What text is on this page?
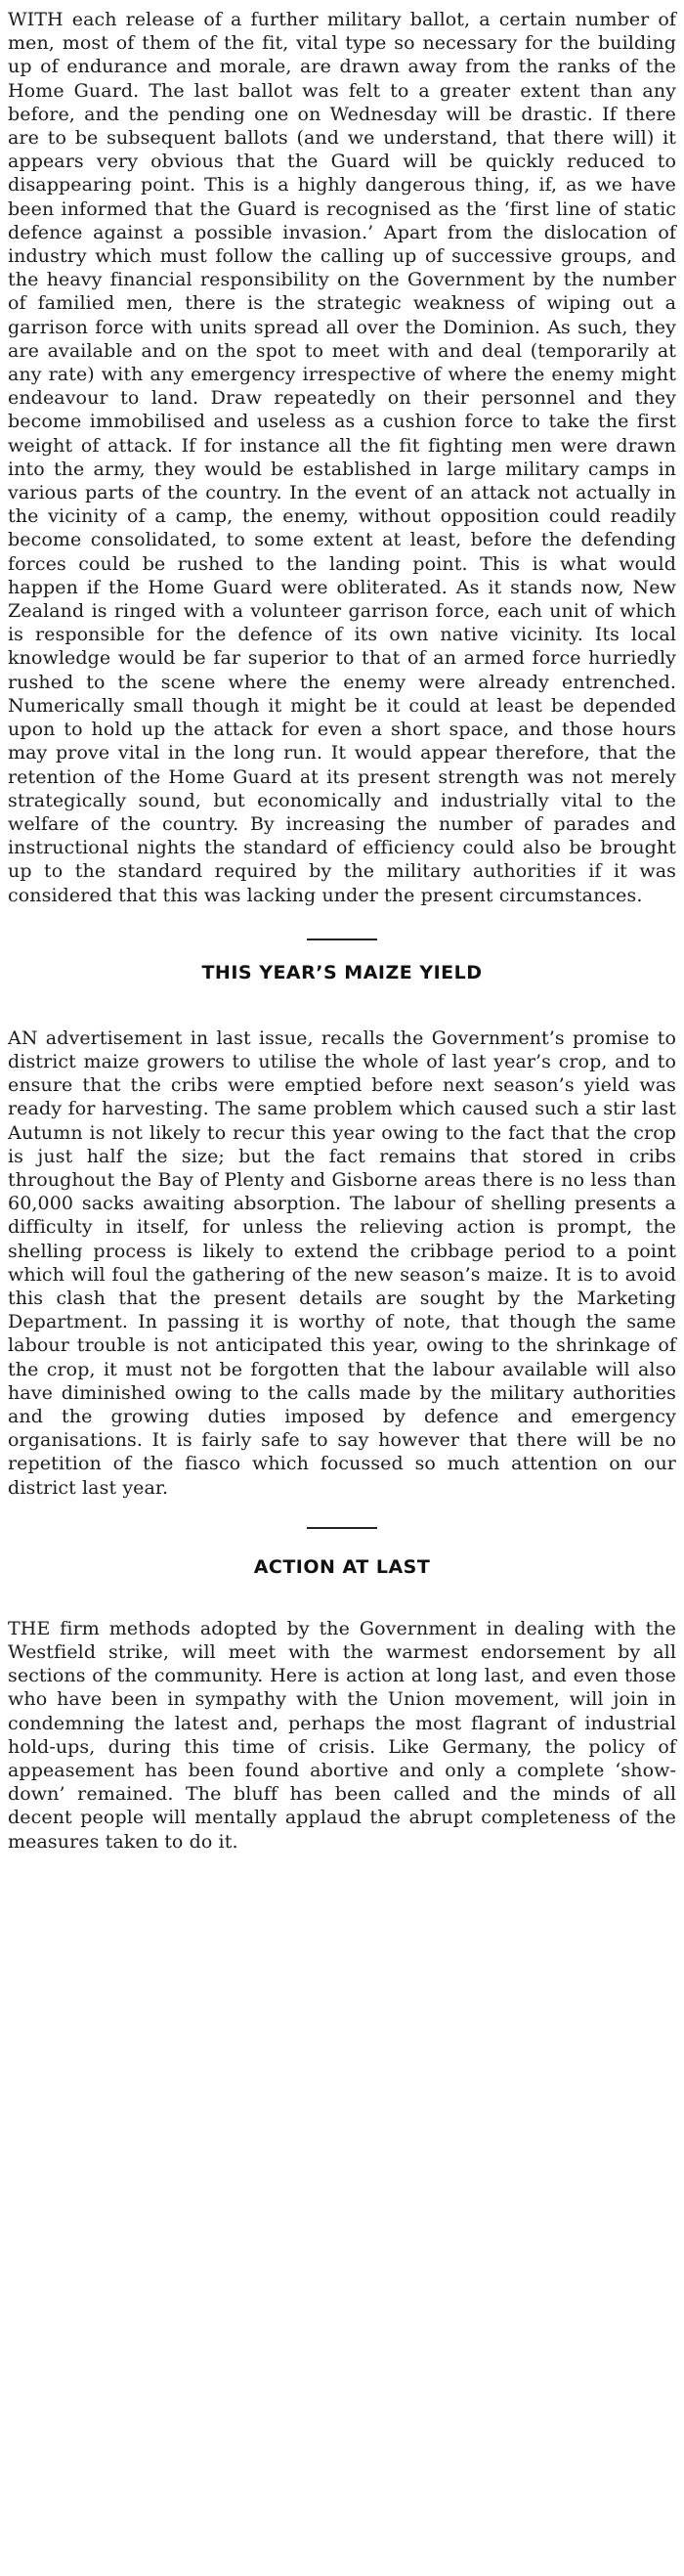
WITH each release of a further military ballot, a certain number of men, most of them of the fit, vital type so necessary for the building up of endurance and morale, are drawn away from the ranks of the Home Guard. The last ballot was felt to a greater extent than any before, and the pending one on Wednesday will be drastic. If there are to be subsequent ballots (and we understand, that there will) it appears very obvious that the Guard will be quickly reduced to disappearing point. This is a highly dangerous thing, if, as we have been informed that the Guard is recognised as the ‘first line of static defence against a possible invasion.’ Apart from the dislocation of industry which must follow the calling up of successive groups, and the heavy financial responsibility on the Government by the number of familied men, there is the strategic weakness of wiping out a garrison force with units spread all over the Dominion. As such, they are available and on the spot to meet with and deal (temporarily at any rate) with any emergency irrespective of where the enemy might endeavour to land. Draw repeatedly on their personnel and they become immobilised and useless as a cushion force to take the first weight of attack. If for instance all the fit fighting men were drawn into the army, they would be established in large military camps in various parts of the country. In the event of an attack not actually in the vicinity of a camp, the enemy, without opposition could readily become consolidated, to some extent at least, before the defending forces could be rushed to the landing point. This is what would happen if the Home Guard were obliterated. As it stands now, New Zealand is ringed with a volunteer garrison force, each unit of which is responsible for the defence of its own native vicinity. Its local knowledge would be far superior to that of an armed force hurriedly rushed to the scene where the enemy were already entrenched. Numerically small though it might be it could at least be depended upon to hold up the attack for even a short space, and those hours may prove vital in the long run. It would appear therefore, that the retention of the Home Guard at its present strength was not merely strategically sound, but economically and industrially vital to the welfare of the country. By increasing the number of parades and instructional nights the standard of efficiency could also be brought up to the standard required by the military authorities if it was considered that this was lacking under the present circumstances.

THIS YEAR’S MAIZE YIELD

AN advertisement in last issue, recalls the Government’s promise to district maize growers to utilise the whole of last year’s crop, and to ensure that the cribs were emptied before next season’s yield was ready for harvesting. The same problem which caused such a stir last Autumn is not likely to recur this year owing to the fact that the crop is just half the size; but the fact remains that stored in cribs throughout the Bay of Plenty and Gisborne areas there is no less than 60,000 sacks awaiting absorption. The labour of shelling presents a difficulty in itself, for unless the relieving action is prompt, the shelling process is likely to extend the cribbage period to a point which will foul the gathering of the new season’s maize. It is to avoid this clash that the present details are sought by the Marketing Department. In passing it is worthy of note, that though the same labour trouble is not anticipated this year, owing to the shrinkage of the crop, it must not be forgotten that the labour available will also have diminished owing to the calls made by the military authorities and the growing duties imposed by defence and emergency organisations. It is fairly safe to say however that there will be no repetition of the fiasco which focussed so much attention on our district last year.

ACTION AT LAST

THE firm methods adopted by the Government in dealing with the Westfield strike, will meet with the warmest endorsement by all sections of the community. Here is action at long last, and even those who have been in sympathy with the Union movement, will join in condemning the latest and, perhaps the most flagrant of industrial hold-ups, during this time of crisis. Like Germany, the policy of appeasement has been found abortive and only a complete ‘show-down’ remained. The bluff has been called and the minds of all decent people will mentally applaud the abrupt completeness of the measures taken to do it.
